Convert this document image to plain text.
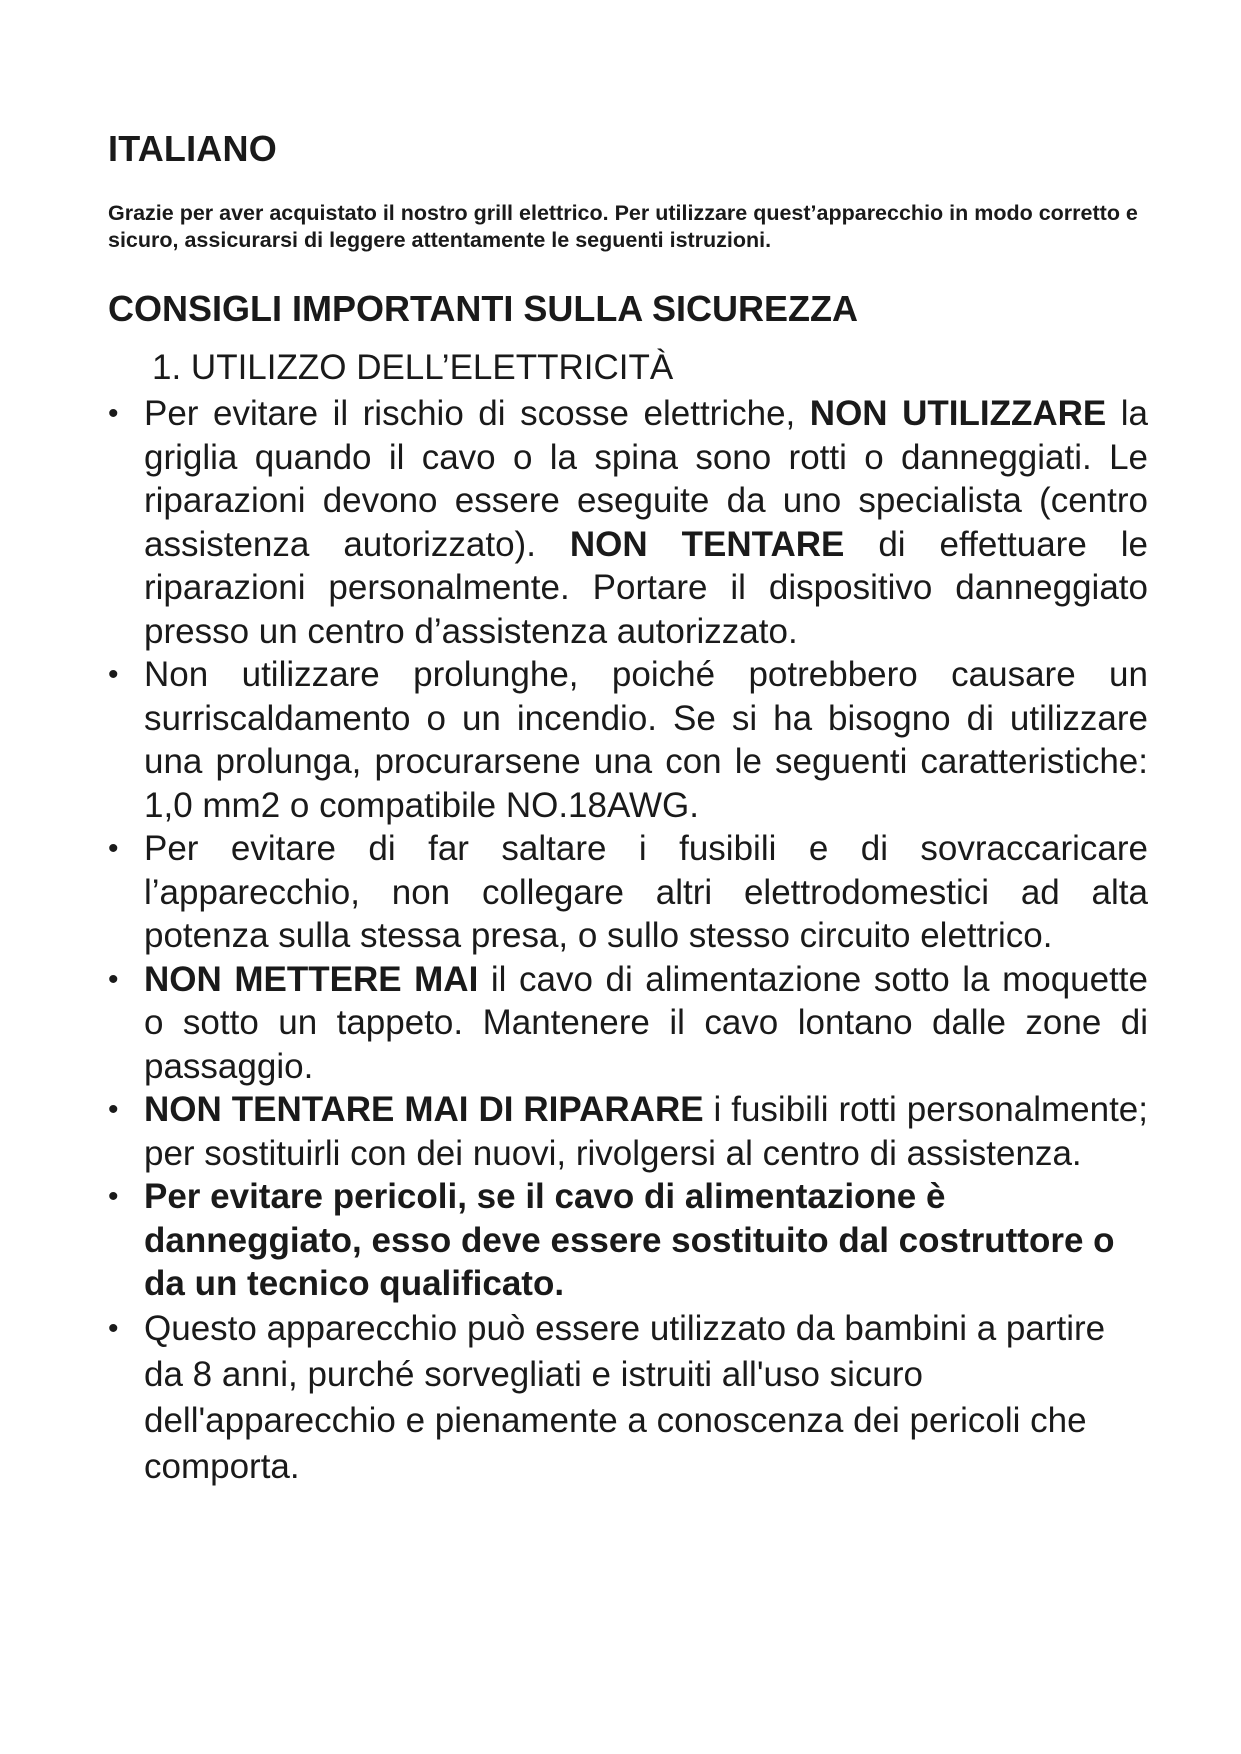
ITALIANO

Grazie per aver acquistato il nostro grill elettrico. Per utilizzare quest’apparecchio in modo corretto e sicuro, assicurarsi di leggere attentamente le seguenti istruzioni.

CONSIGLI IMPORTANTI SULLA SICUREZZA
1. UTILIZZO DELL’ELETTRICITÀ
• Per evitare il rischio di scosse elettriche, NON UTILIZZARE la griglia quando il cavo o la spina sono rotti o danneggiati. Le riparazioni devono essere eseguite da uno specialista (centro assistenza autorizzato). NON TENTARE di effettuare le riparazioni personalmente. Portare il dispositivo danneggiato presso un centro d’assistenza autorizzato.
• Non utilizzare prolunghe, poiché potrebbero causare un surriscaldamento o un incendio. Se si ha bisogno di utilizzare una prolunga, procurarsene una con le seguenti caratteristiche: 1,0 mm2 o compatibile NO.18AWG.
• Per evitare di far saltare i fusibili e di sovraccaricare l’apparecchio, non collegare altri elettrodomestici ad alta potenza sulla stessa presa, o sullo stesso circuito elettrico.
• NON METTERE MAI il cavo di alimentazione sotto la moquette o sotto un tappeto. Mantenere il cavo lontano dalle zone di passaggio.
• NON TENTARE MAI DI RIPARARE i fusibili rotti personalmente; per sostituirli con dei nuovi, rivolgersi al centro di assistenza.
• Per evitare pericoli, se il cavo di alimentazione è danneggiato, esso deve essere sostituito dal costruttore o da un tecnico qualificato.
• Questo apparecchio può essere utilizzato da bambini a partire da 8 anni, purché sorvegliati e istruiti all'uso sicuro dell'apparecchio e pienamente a conoscenza dei pericoli che comporta.
